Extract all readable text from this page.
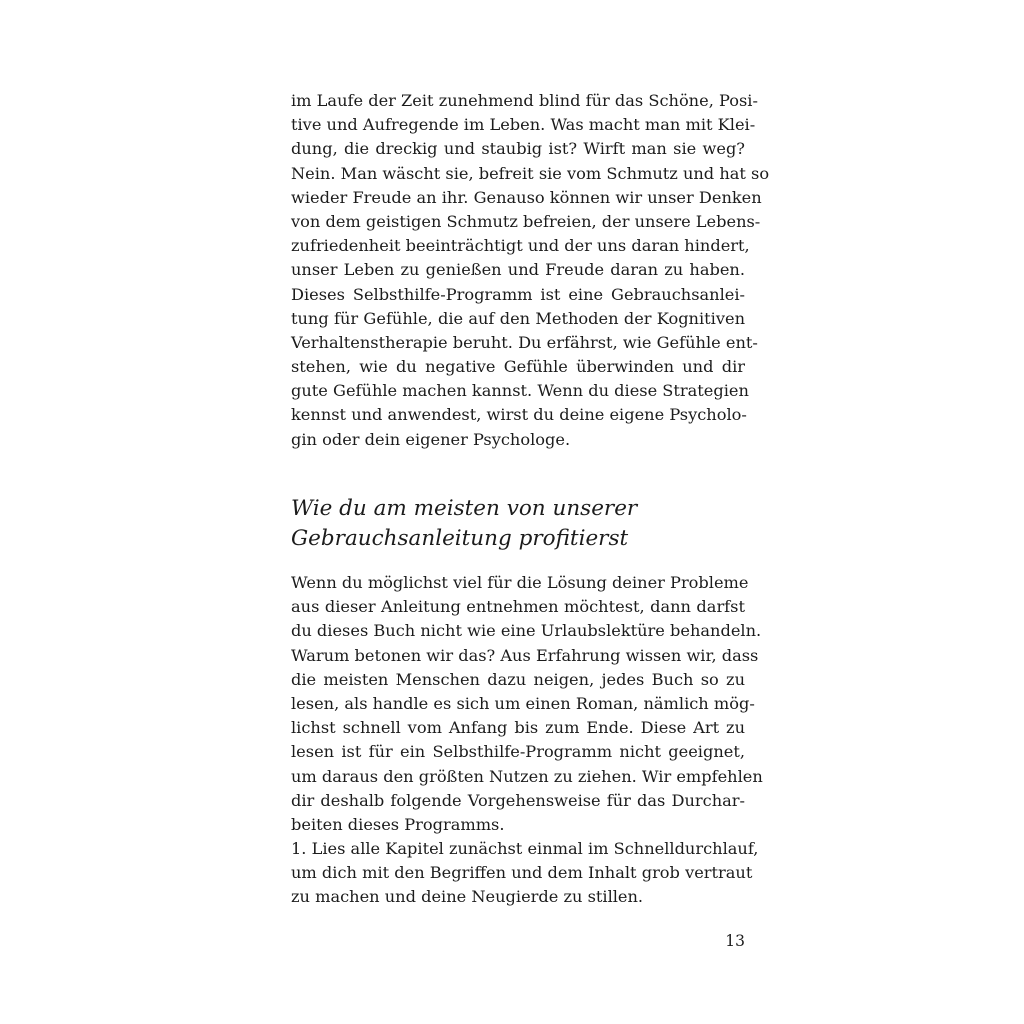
im Laufe der Zeit zunehmend blind für das Schöne, Posi-
tive und Aufregende im Leben. Was macht man mit Klei-
dung, die dreckig und staubig ist? Wirft man sie weg?
Nein. Man wäscht sie, befreit sie vom Schmutz und hat so
wieder Freude an ihr. Genauso können wir unser Denken
von dem geistigen Schmutz befreien, der unsere Lebens-
zufriedenheit beeinträchtigt und der uns daran hindert,
unser Leben zu genießen und Freude daran zu haben.
Dieses Selbsthilfe-Programm ist eine Gebrauchsanlei-
tung für Gefühle, die auf den Methoden der Kognitiven
Verhaltenstherapie beruht. Du erfährst, wie Gefühle ent-
stehen, wie du negative Gefühle überwinden und dir
gute Gefühle machen kannst. Wenn du diese Strategien
kennst und anwendest, wirst du deine eigene Psycholo-
gin oder dein eigener Psychologe.
Wie du am meisten von unserer
Gebrauchsanleitung profitierst
Wenn du möglichst viel für die Lösung deiner Probleme
aus dieser Anleitung entnehmen möchtest, dann darfst
du dieses Buch nicht wie eine Urlaubslektüre behandeln.
Warum betonen wir das? Aus Erfahrung wissen wir, dass
die meisten Menschen dazu neigen, jedes Buch so zu
lesen, als handle es sich um einen Roman, nämlich mög-
lichst schnell vom Anfang bis zum Ende. Diese Art zu
lesen ist für ein Selbsthilfe-Programm nicht geeignet,
um daraus den größten Nutzen zu ziehen. Wir empfehlen
dir deshalb folgende Vorgehensweise für das Durchar-
beiten dieses Programms.
1. Lies alle Kapitel zunächst einmal im Schnelldurchlauf,
um dich mit den Begriffen und dem Inhalt grob vertraut
zu machen und deine Neugierde zu stillen.
13
